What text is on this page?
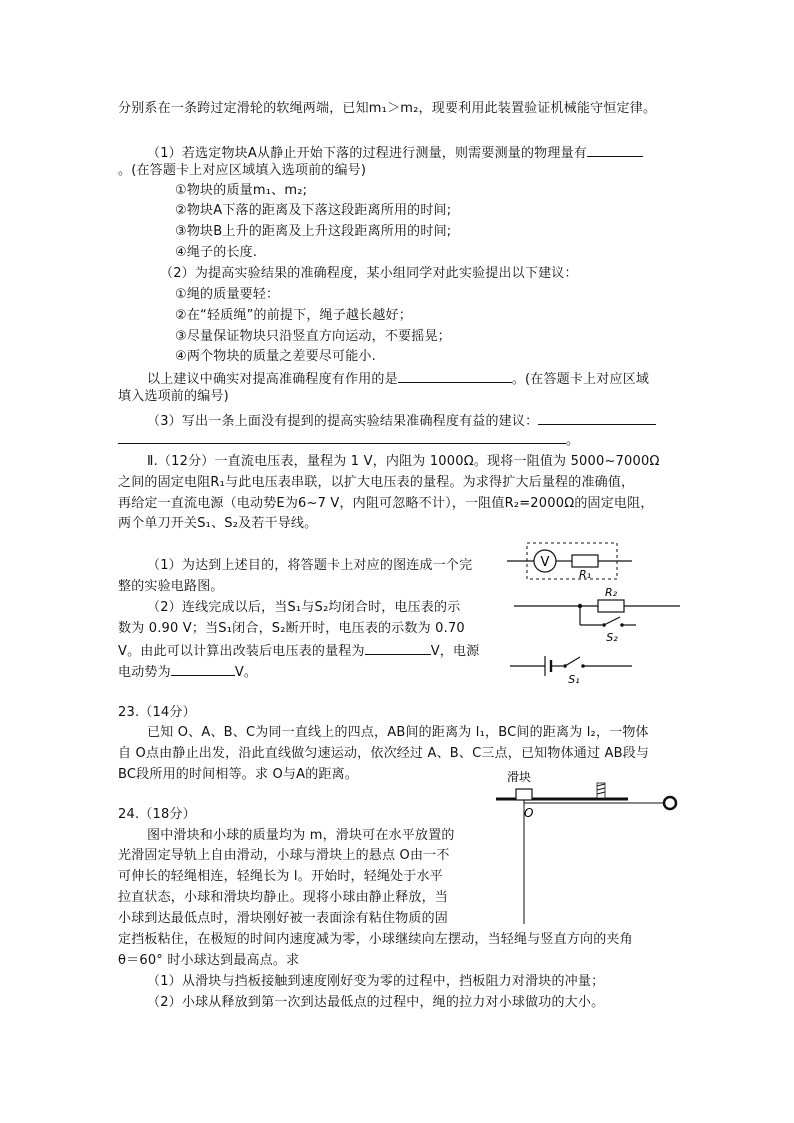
分别系在一条跨过定滑轮的软绳两端，已知m₁＞m₂，现要利用此装置验证机械能守恒定律。
（1）若选定物块A从静止开始下落的过程进行测量，则需要测量的物理量有
。(在答题卡上对应区域填入选项前的编号)
①物块的质量m₁、m₂;
②物块A下落的距离及下落这段距离所用的时间;
③物块B上升的距离及上升这段距离所用的时间;
④绳子的长度.
（2）为提高实验结果的准确程度，某小组同学对此实验提出以下建议：
①绳的质量要轻：
②在“轻质绳”的前提下，绳子越长越好；
③尽量保证物块只沿竖直方向运动，不要摇晃；
④两个物块的质量之差要尽可能小.
以上建议中确实对提高准确程度有作用的是	。(在答题卡上对应区域
填入选项前的编号)
（3）写出一条上面没有提到的提高实验结果准确程度有益的建议：
。
Ⅱ.（12分）一直流电压表，量程为 1 V，内阻为 1000Ω。现将一阻值为 5000~7000Ω
之间的固定电阻R₁与此电压表串联，以扩大电压表的量程。为求得扩大后量程的准确值，
再给定一直流电源（电动势E为6~7 V，内阻可忽略不计），一阻值R₂=2000Ω的固定电阻，
两个单刀开关S₁、S₂及若干导线。
（1）为达到上述目的，将答题卡上对应的图连成一个完
整的实验电路图。
（2）连线完成以后，当S₁与S₂均闭合时，电压表的示
数为 0.90 V；当S₁闭合，S₂断开时，电压表的示数为 0.70
V。由此可以计算出改装后电压表的量程为	V，电源
电动势为	V。
V
R₁
R₂
S₂
S₁
23.（14分）
已知 O、A、B、C为同一直线上的四点，AB间的距离为 l₁，BC间的距离为 l₂，一物体
自 O点由静止出发，沿此直线做匀速运动，依次经过 A、B、C三点，已知物体通过 AB段与
BC段所用的时间相等。求 O与A的距离。
24.（18分）
图中滑块和小球的质量均为 m，滑块可在水平放置的
光滑固定导轨上自由滑动，小球与滑块上的悬点 O由一不
可伸长的轻绳相连，轻绳长为 l。开始时，轻绳处于水平
拉直状态，小球和滑块均静止。现将小球由静止释放，当
小球到达最低点时，滑块刚好被一表面涂有粘住物质的固
定挡板粘住，在极短的时间内速度减为零，小球继续向左摆动，当轻绳与竖直方向的夹角
θ＝60° 时小球达到最高点。求
（1）从滑块与挡板接触到速度刚好变为零的过程中，挡板阻力对滑块的冲量；
（2）小球从释放到第一次到达最低点的过程中，绳的拉力对小球做功的大小。
滑块
O
